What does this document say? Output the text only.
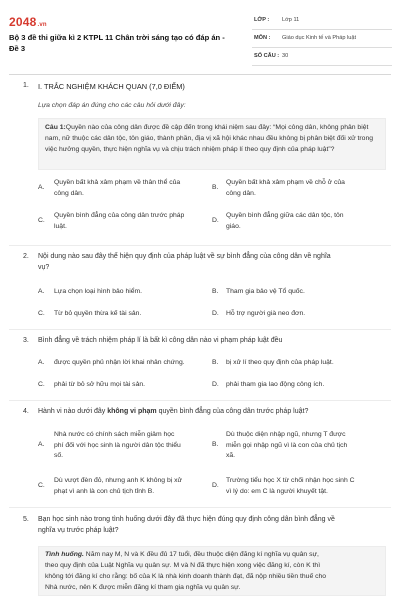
2048.vn
Bộ 3 đề thi giữa kì 2 KTPL 11 Chân trời sáng tạo có đáp án - Đề 3
LỚP : Lớp 11
MÔN : Giáo dục Kinh tế và Pháp luật
SỐ CÂU : 30
1. I. TRẮC NGHIỆM KHÁCH QUAN (7,0 ĐIỂM)
Lựa chọn đáp án đúng cho các câu hỏi dưới đây:
Câu 1:Quyền nào của công dân được đề cập đến trong khái niệm sau đây: “Mọi công dân, không phân biệt nam, nữ thuộc các dân tộc, tôn giáo, thành phần, địa vị xã hội khác nhau đều không bị phân biệt đối xử trong việc hưởng quyền, thực hiện nghĩa vụ và chịu trách nhiệm pháp lí theo quy định của pháp luật”?
A.
Quyền bất khả xâm phạm về thân thể của
công dân.
B.
Quyền bất khả xâm phạm về chỗ ở của
công dân.
C.
Quyền bình đẳng của công dân trước pháp
luật.
D.
Quyền bình đẳng giữa các dân tộc, tôn
giáo.
2. Nội dung nào sau đây thể hiện quy định của pháp luật về sự bình đẳng của công dân về nghĩa
vụ?
A. Lựa chọn loại hình bảo hiểm.	B. Tham gia bảo vệ Tổ quốc.
C. Từ bỏ quyền thừa kế tài sản.	D. Hỗ trợ người già neo đơn.
3. Bình đẳng về trách nhiệm pháp lí là bất kì công dân nào vi phạm pháp luật đều
A. được quyền phủ nhận lời khai nhân chứng.	B. bị xử lí theo quy định của pháp luật.
C. phải từ bỏ sở hữu mọi tài sản.	D. phải tham gia lao động công ích.
4. Hành vi nào dưới đây không vi phạm quyền bình đẳng của công dân trước pháp luật?
A.
Nhà nước có chính sách miễn giảm học
phí đối với học sinh là người dân tộc thiểu
số.
B.
Dù thuộc diện nhập ngũ, nhưng T được
miễn gọi nhập ngũ vì là con của chủ tịch
xã.
C.
Dù vượt đèn đỏ, nhưng anh K không bị xử
phạt vì anh là con chủ tịch tỉnh B.
D.
Trường tiểu học X từ chối nhận học sinh C
vì lý do: em C là người khuyết tật.
5. Bạn học sinh nào trong tình huống dưới đây đã thực hiện đúng quy định công dân bình đẳng về
nghĩa vụ trước pháp luật?
Tình huống. Năm nay M, N và K đều đủ 17 tuổi, đều thuộc diện đăng kí nghĩa vụ quân sự,
theo quy định của Luật Nghĩa vụ quân sự. M và N đã thực hiện xong việc đăng kí, còn K thì
không tới đăng kí cho rằng: bố của K là nhà kinh doanh thành đạt, đã nộp nhiều tiền thuế cho
Nhà nước, nên K được miễn đăng kí tham gia nghĩa vụ quân sự.
